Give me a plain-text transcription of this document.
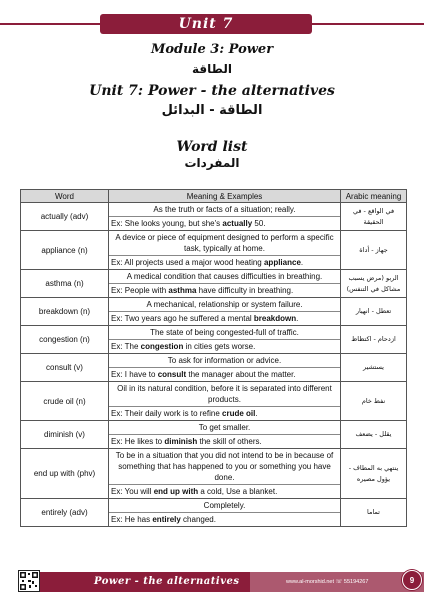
Unit 7
Module 3: Power
الطاقة
Unit 7: Power - the alternatives
الطاقة - البدائل
Word list
المفردات
Word	Meaning & Examples	Arabic meaning
actually (adv)	As the truth or facts of a situation; really.
Ex: She looks young, but she's actually 50.	في الواقع - في الحقيقة
appliance (n)	A device or piece of equipment designed to perform a specific task, typically at home.
Ex: All projects used a major wood heating appliance.	جهاز - أداة
asthma (n)	A medical condition that causes difficulties in breathing.
Ex: People with asthma have difficulty in breathing.	الربو (مرض يسبب مشاكل في التنفس)
breakdown (n)	A mechanical, relationship or system failure.
Ex: Two years ago he suffered a mental breakdown.	تعطل - انهيار
congestion (n)	The state of being congested-full of traffic.
Ex: The congestion in cities gets worse.	ازدحام - اكتظاظ
consult (v)	To ask for information or advice.
Ex: I have to consult the manager about the matter.	يستشير
crude oil (n)	Oil in its natural condition, before it is separated into different products.
Ex: Their daily work is to refine crude oil.	نفط خام
diminish (v)	To get smaller.
Ex: He likes to diminish the skill of others.	يقلل - يضعف
end up with (phv)	To be in a situation that you did not intend to be in because of something that has happened to you or something you have done.
Ex: You will end up with a cold, Use a blanket.	ينتهي به المطاف - يؤول مصيره
entirely (adv)	Completely.
Ex: He has entirely changed.	تماما
Power - the alternatives	www.al-morshid.net ☏ 55194267	9
